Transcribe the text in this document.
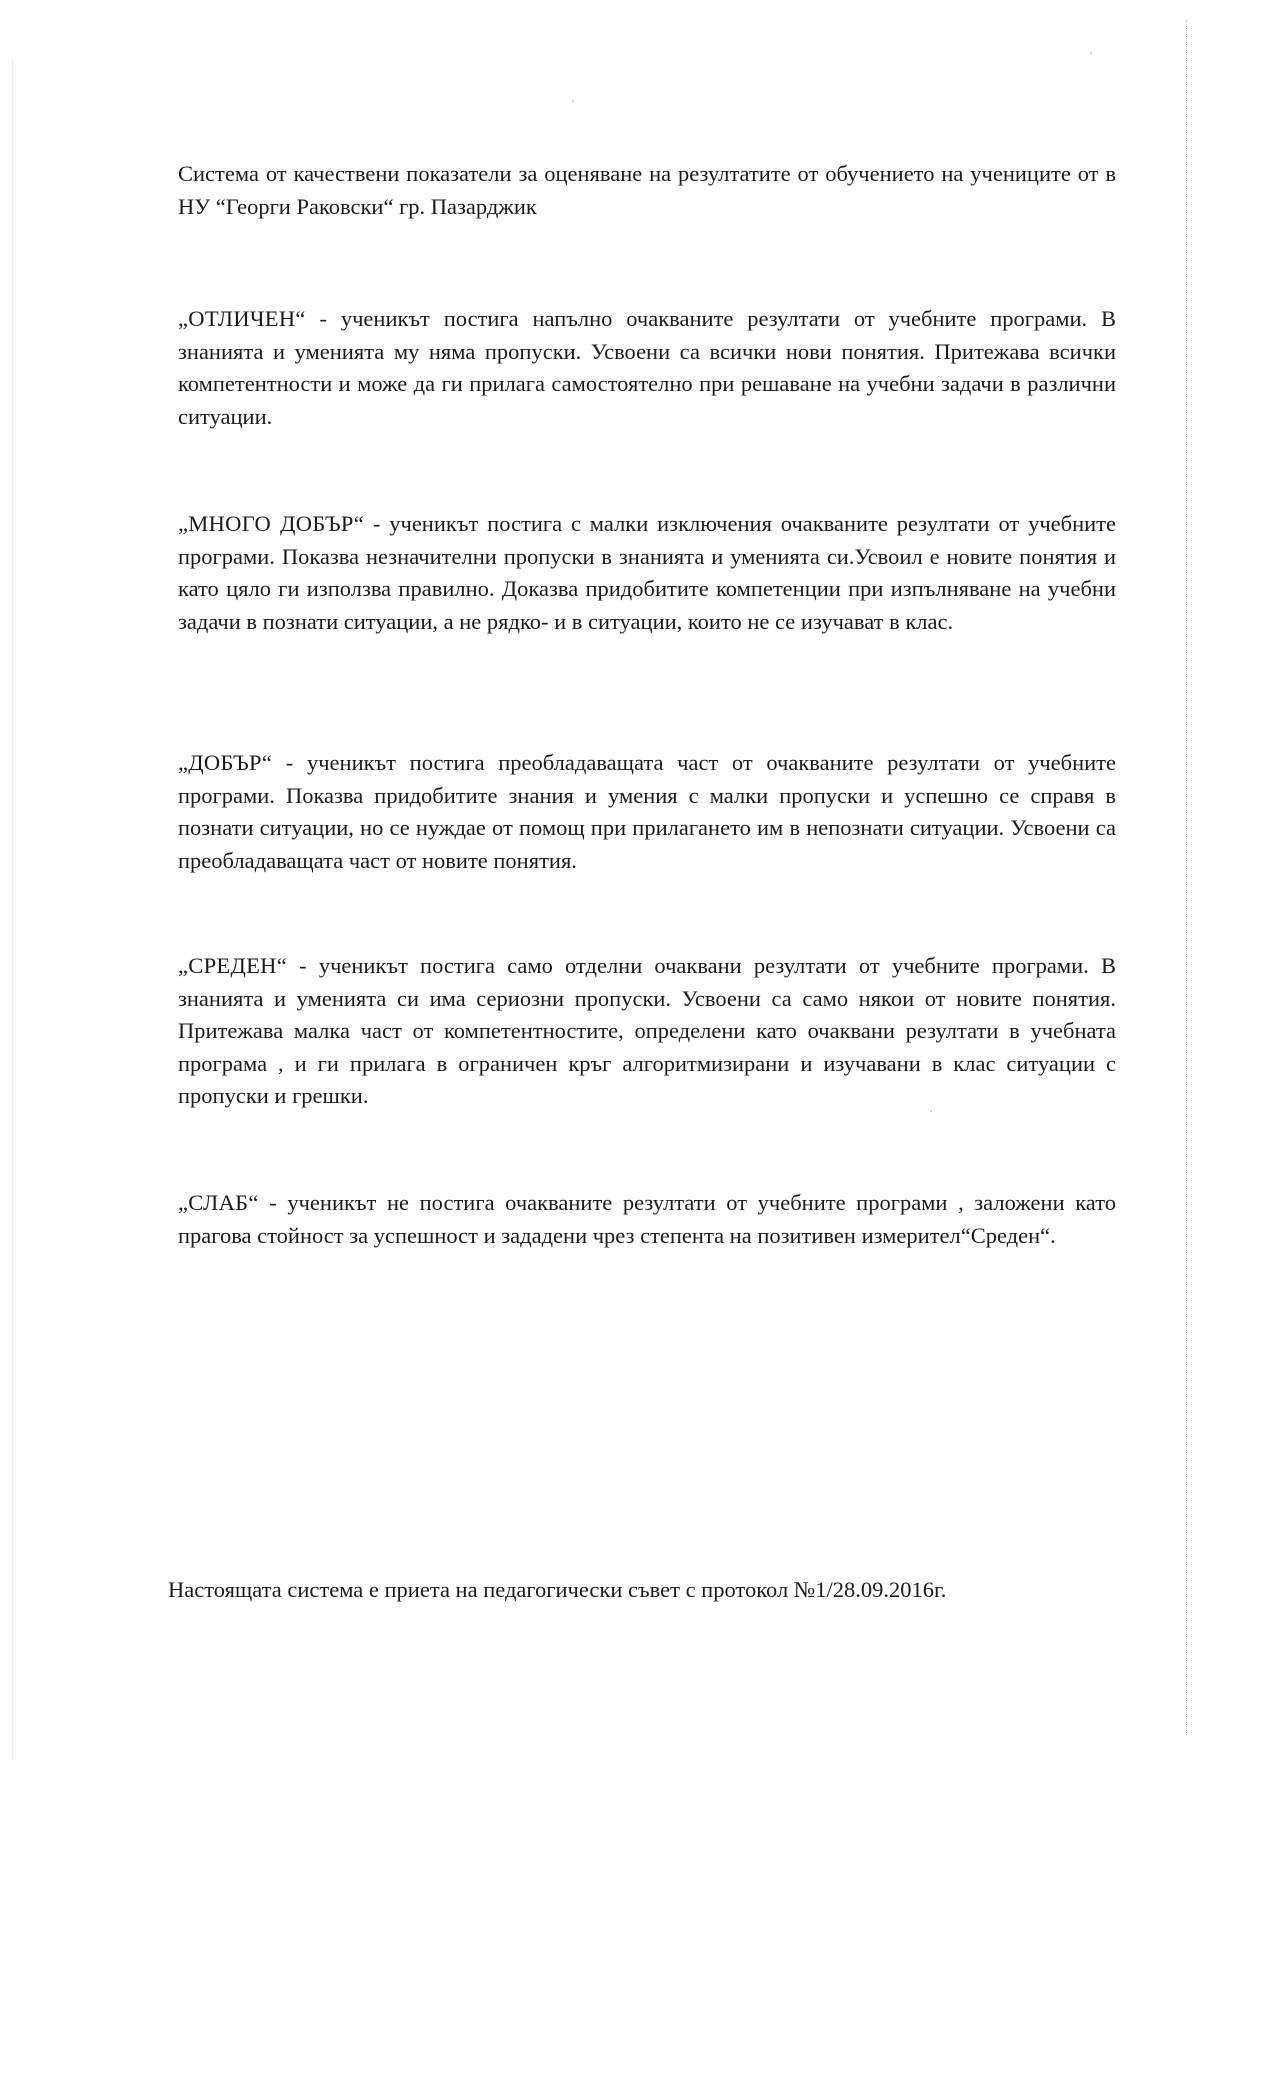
Система от качествени показатели за оценяване на резултатите от обучението на учениците от в НУ “Георги Раковски“ гр. Пазарджик

„ОТЛИЧЕН“ - ученикът постига напълно очакваните резултати от учебните програми. В знанията и уменията му няма пропуски. Усвоени са всички нови понятия. Притежава всички компетентности и може да ги прилага самостоятелно при решаване на учебни задачи в различни ситуации.

„МНОГО ДОБЪР“ - ученикът постига с малки изключения очакваните резултати от учебните програми. Показва незначителни пропуски в знанията и уменията си.Усвоил е новите понятия и като цяло ги използва правилно. Доказва придобитите компетенции при изпълняване на учебни задачи в познати ситуации, а не рядко- и в ситуации, които не се изучават в клас.

„ДОБЪР“ - ученикът постига преобладаващата част от очакваните резултати от учебните програми. Показва придобитите знания и умения с малки пропуски и успешно се справя в познати ситуации, но се нуждае от помощ при прилагането им в непознати ситуации. Усвоени са преобладаващата част от новите понятия.

„СРЕДЕН“ - ученикът постига само отделни очаквани резултати от учебните програми. В знанията и уменията си има сериозни пропуски. Усвоени са само някои от новите понятия. Притежава малка част от компетентностите, определени като очаквани резултати в учебната програма , и ги прилага в ограничен кръг алгоритмизирани и изучавани в клас ситуации с пропуски и грешки.

„СЛАБ“ - ученикът не постига очакваните резултати от учебните програми , заложени като прагова стойност за успешност и зададени чрез степента на позитивен измерител“Среден“.

Настоящата система е приета на педагогически съвет с протокол №1/28.09.2016г.
